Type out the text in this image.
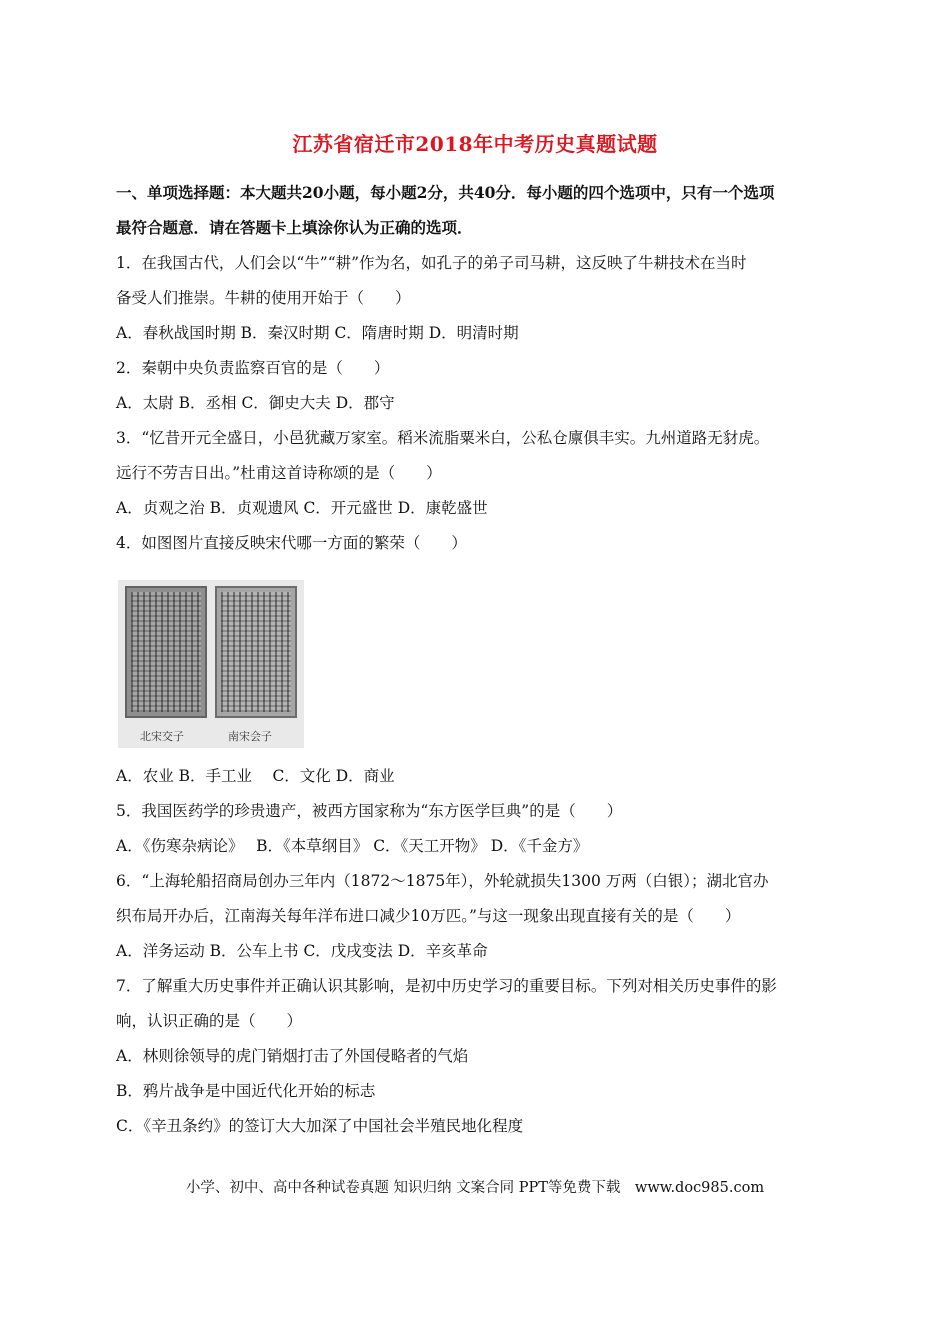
江苏省宿迁市2018年中考历史真题试题
一、单项选择题：本大题共20小题，每小题2分，共40分．每小题的四个选项中，只有一个选项
最符合题意．请在答题卡上填涂你认为正确的选项．
1．在我国古代，人们会以“牛”“耕”作为名，如孔子的弟子司马耕，这反映了牛耕技术在当时
备受人们推崇。牛耕的使用开始于（　　）
A．春秋战国时期 B．秦汉时期 C．隋唐时期 D．明清时期
2．秦朝中央负责监察百官的是（　　）
A．太尉 B．丞相 C．御史大夫 D．郡守
3．“忆昔开元全盛日，小邑犹藏万家室。稻米流脂粟米白，公私仓廪俱丰实。九州道路无豺虎。
远行不劳吉日出。”杜甫这首诗称颂的是（　　）
A．贞观之治 B．贞观遗风 C．开元盛世 D．康乾盛世
4．如图图片直接反映宋代哪一方面的繁荣（　　）
北宋交子	南宋会子
A．农业 B．手工业　 C．文化 D．商业
5．我国医药学的珍贵遗产，被西方国家称为“东方医学巨典”的是（　　）
A．《伤寒杂病论》　 B．《本草纲目》 C．《天工开物》 D．《千金方》
6．“上海轮船招商局创办三年内（1872～1875年），外轮就损失1300 万两（白银）；湖北官办
织布局开办后，江南海关每年洋布进口减少10万匹。”与这一现象出现直接有关的是（　　）
A．洋务运动 B．公车上书 C．戊戌变法 D．辛亥革命
7．了解重大历史事件并正确认识其影响，是初中历史学习的重要目标。下列对相关历史事件的影
响，认识正确的是（　　）
A．林则徐领导的虎门销烟打击了外国侵略者的气焰
B．鸦片战争是中国近代化开始的标志
C．《辛丑条约》的签订大大加深了中国社会半殖民地化程度
小学、初中、高中各种试卷真题 知识归纳 文案合同 PPT等免费下载　www.doc985.com
